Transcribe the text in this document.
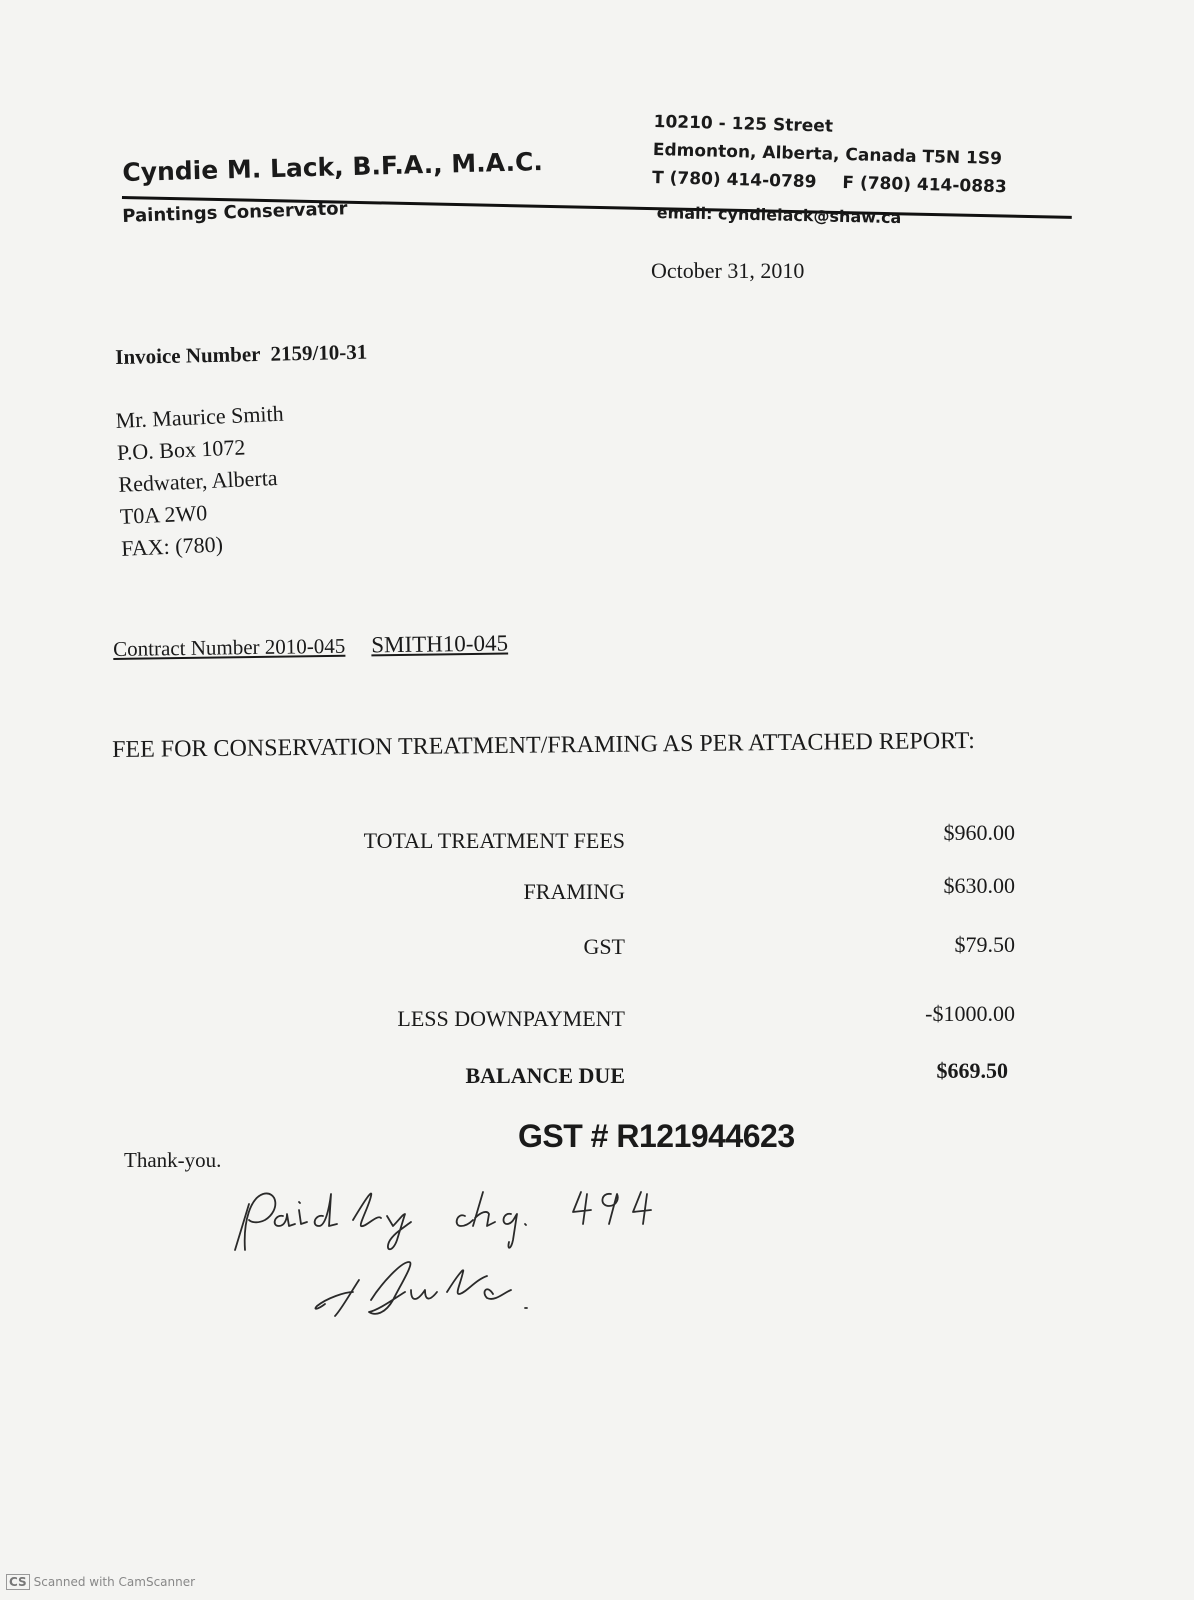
Cyndie M. Lack, B.F.A., M.A.C.
Paintings Conservator
10210 - 125 Street
Edmonton, Alberta, Canada T5N 1S9
T (780) 414-0789 F (780) 414-0883
email: cyndielack@shaw.ca
October 31, 2010
Invoice Number 2159/10-31
Mr. Maurice Smith
P.O. Box 1072
Redwater, Alberta
T0A 2W0
FAX: (780)
Contract Number 2010-045 SMITH10-045
FEE FOR CONSERVATION TREATMENT/FRAMING AS PER ATTACHED REPORT:
TOTAL TREATMENT FEES	$960.00
FRAMING	$630.00
GST	$79.50
LESS DOWNPAYMENT	-$1000.00
BALANCE DUE	$669.50
GST # R121944623
Thank-you.
CS Scanned with CamScanner
